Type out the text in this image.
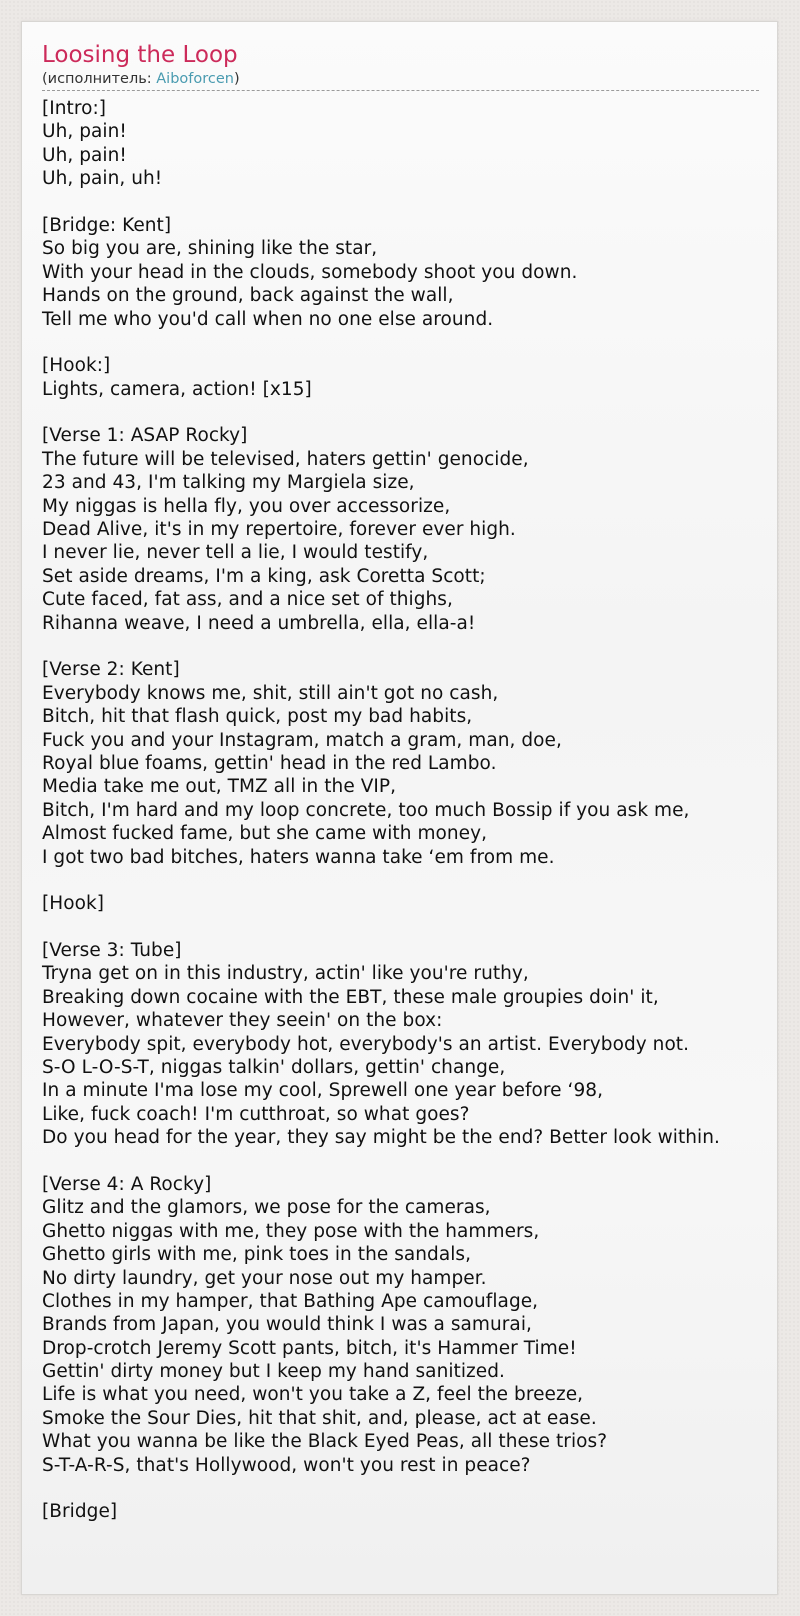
Loosing the Loop
(исполнитель: Aiboforcen)
[Intro:]
Uh, pain!
Uh, pain!
Uh, pain, uh!
[Bridge: Kent]
So big you are, shining like the star,
With your head in the clouds, somebody shoot you down.
Hands on the ground, back against the wall,
Tell me who you'd call when no one else around.
[Hook:]
Lights, camera, action! [x15]
[Verse 1: ASAP Rocky]
The future will be televised, haters gettin' genocide,
23 and 43, I'm talking my Margiela size,
My niggas is hella fly, you over accessorize,
Dead Alive, it's in my repertoire, forever ever high.
I never lie, never tell a lie, I would testify,
Set aside dreams, I'm a king, ask Coretta Scott;
Cute faced, fat ass, and a nice set of thighs,
Rihanna weave, I need a umbrella, ella, ella-a!
[Verse 2: Kent]
Everybody knows me, shit, still ain't got no cash,
Bitch, hit that flash quick, post my bad habits,
Fuck you and your Instagram, match a gram, man, doe,
Royal blue foams, gettin' head in the red Lambo.
Media take me out, TMZ all in the VIP,
Bitch, I'm hard and my loop concrete, too much Bossip if you ask me,
Almost fucked fame, but she came with money,
I got two bad bitches, haters wanna take ‘em from me.
[Hook]
[Verse 3: Tube]
Tryna get on in this industry, actin' like you're ruthy,
Breaking down cocaine with the EBT, these male groupies doin' it,
However, whatever they seein' on the box:
Everybody spit, everybody hot, everybody's an artist. Everybody not.
S-O L-O-S-T, niggas talkin' dollars, gettin' change,
In a minute I'ma lose my cool, Sprewell one year before ‘98,
Like, fuck coach! I'm cutthroat, so what goes?
Do you head for the year, they say might be the end? Better look within.
[Verse 4: A Rocky]
Glitz and the glamors, we pose for the cameras,
Ghetto niggas with me, they pose with the hammers,
Ghetto girls with me, pink toes in the sandals,
No dirty laundry, get your nose out my hamper.
Clothes in my hamper, that Bathing Ape camouflage,
Brands from Japan, you would think I was a samurai,
Drop-crotch Jeremy Scott pants, bitch, it's Hammer Time!
Gettin' dirty money but I keep my hand sanitized.
Life is what you need, won't you take a Z, feel the breeze,
Smoke the Sour Dies, hit that shit, and, please, act at ease.
What you wanna be like the Black Eyed Peas, all these trios?
S-T-A-R-S, that's Hollywood, won't you rest in peace?
[Bridge]
